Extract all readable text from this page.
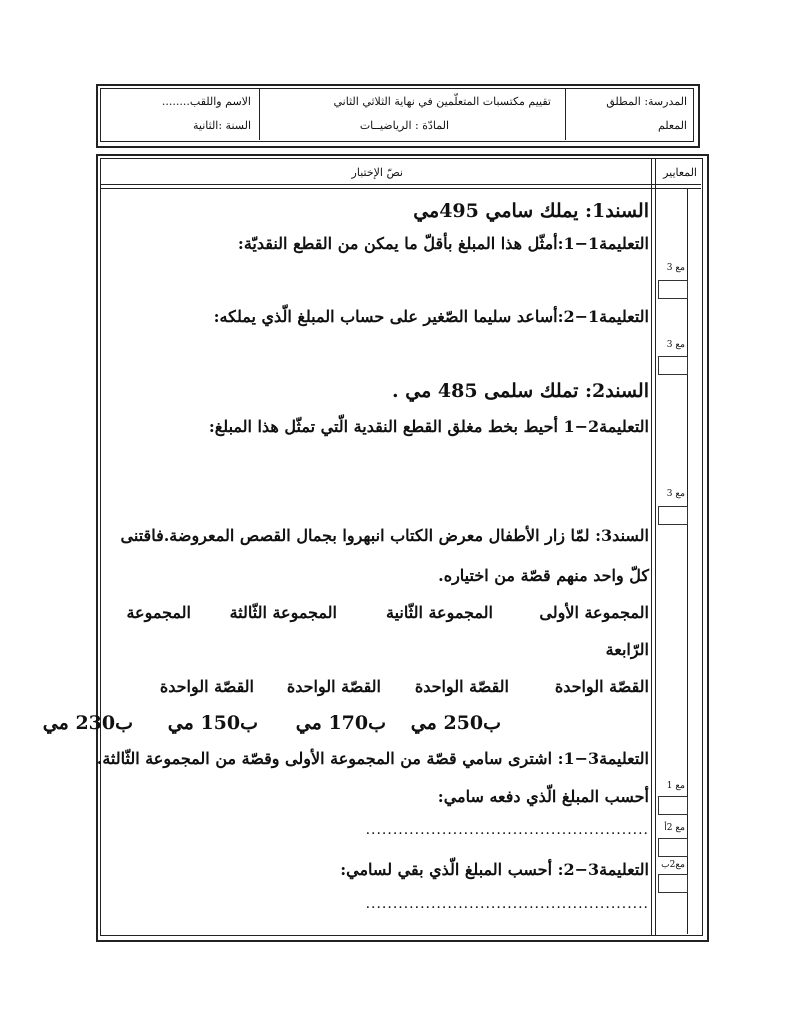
الاسم واللقب........
السنة :الثانية
تقييم مكتسبات المتعلّمين في نهاية الثلاثي الثاني
المادّة : الرياضيــات
المدرسة: المطلق
المعلم
المعايير
نصّ الإختبار
السند1: يملك سامي 495مي
التعليمة1−1:أمثّل هذا المبلغ بأقلّ ما يمكن من القطع النقديّة:
التعليمة1−2:أساعد سليما الصّغير على حساب المبلغ الّذي يملكه:
السند2: تملك سلمى 485 مي .
التعليمة2−1 أحيط بخط مغلق القطع النقدية الّتي تمثّل هذا المبلغ:
السند3: لمّا زار الأطفال معرض الكتاب انبهروا بجمال القصص المعروضة.فاقتنى
كلّ واحد منهم قصّة من اختياره.
المجموعة الأولى
المجموعة الثّانية
المجموعة الثّالثة
المجموعة
الرّابعة
القصّة الواحدة
القصّة الواحدة
القصّة الواحدة
القصّة الواحدة
ب230 مي ب150 مي ب170 مي ب250 مي
التعليمة3−1: اشترى سامي قصّة من المجموعة الأولى وقصّة من المجموعة الثّالثة.
أحسب المبلغ الّذي دفعه سامي:
....................................................
التعليمة3−2: أحسب المبلغ الّذي بقي لسامي:
....................................................
مع 3
مع 3
مع 3
مع 1
مع 2أ
مع2ب
